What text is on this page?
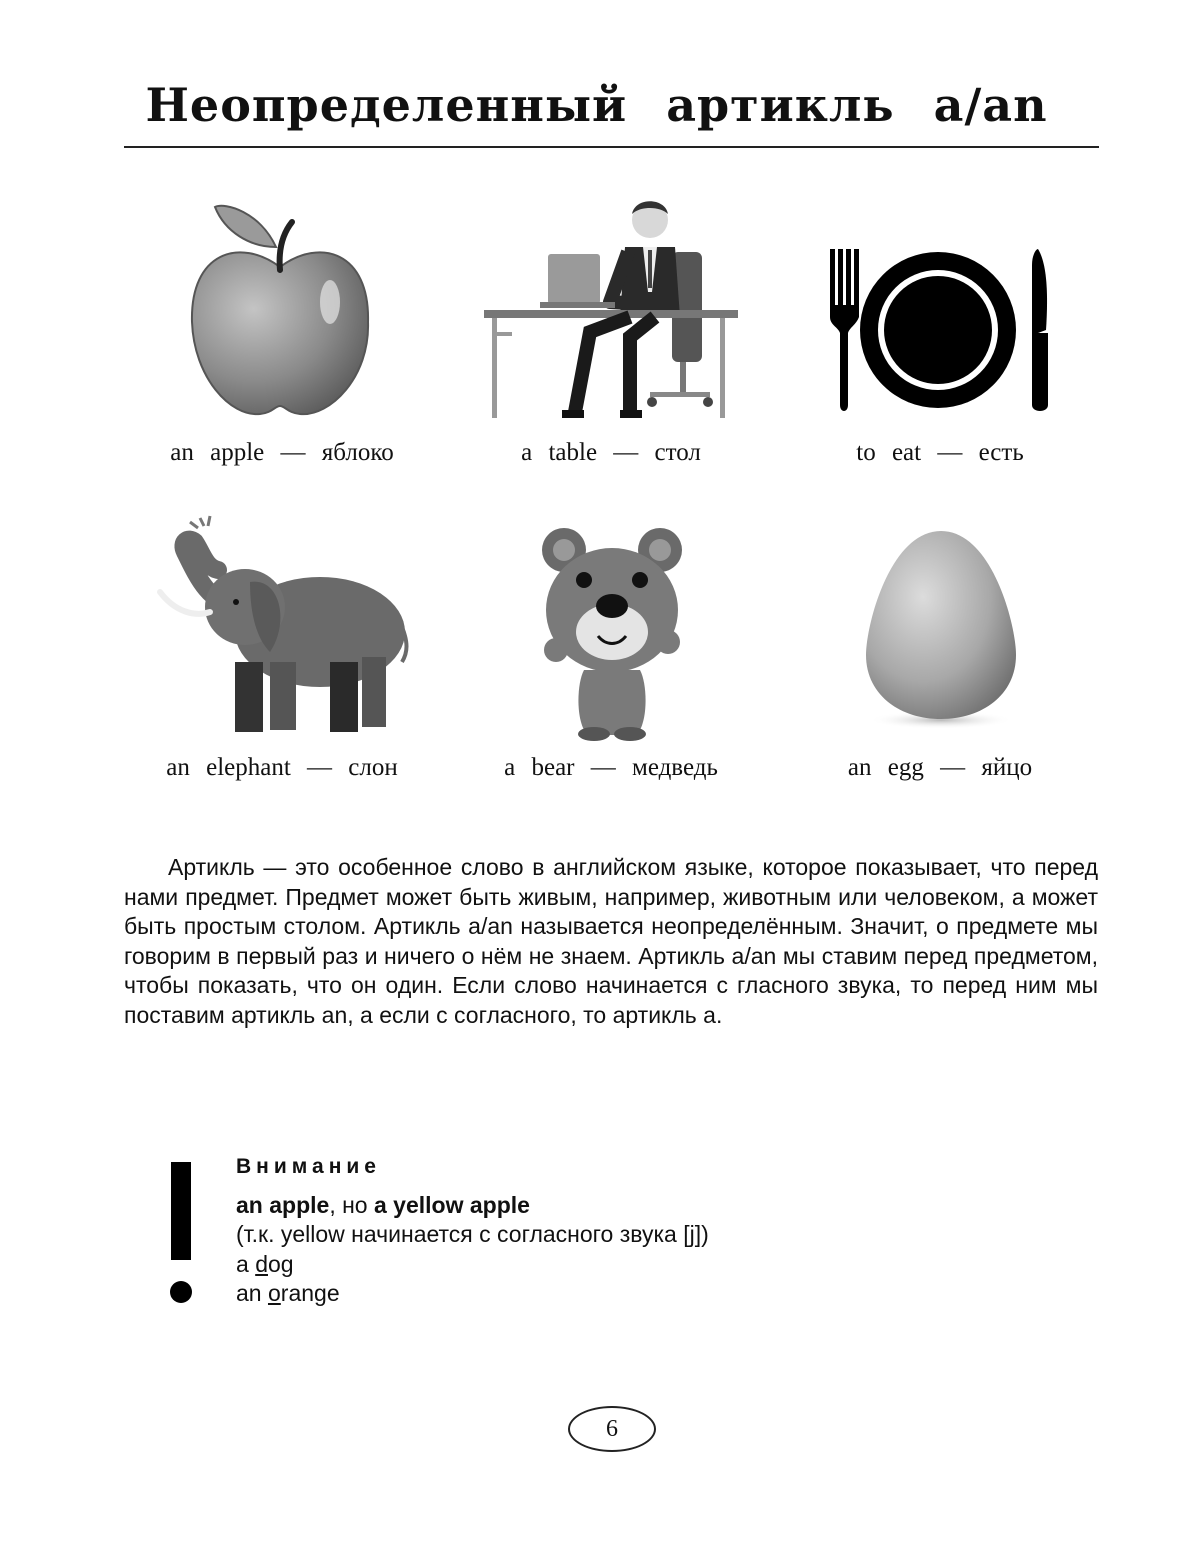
Неопределенный артикль a/an
an apple — яблоко	a table — стол	to eat — есть
an elephant — слон	a bear — медведь	an egg — яйцо
Артикль — это особенное слово в английском языке, которое показывает, что перед нами предмет. Предмет может быть живым, например, животным или человеком, а может быть простым столом. Артикль a/an называется неопределённым. Значит, о предмете мы говорим в первый раз и ничего о нём не знаем. Артикль a/an мы ставим перед предметом, чтобы показать, что он один. Если слово начинается с гласного звука, то перед ним мы поставим артикль an, а если с согласного, то артикль a.
Внимание
an apple, но a yellow apple
(т.к. yellow начинается с согласного звука [j])
a dog
an orange
6
